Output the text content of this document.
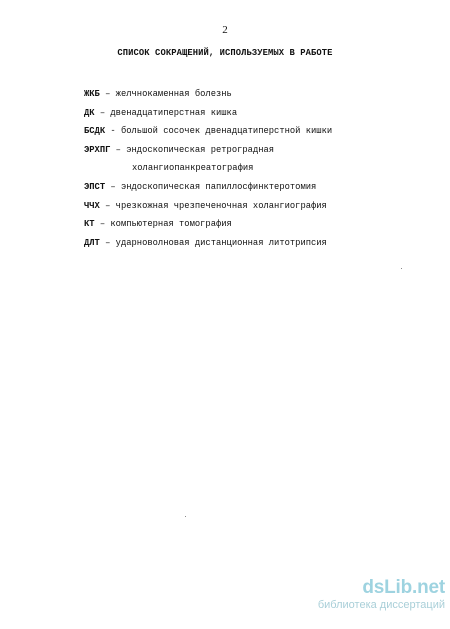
2
СПИСОК СОКРАЩЕНИЙ, ИСПОЛЬЗУЕМЫХ В РАБОТЕ
ЖКБ – желчнокаменная болезнь
ДК – двенадцатиперстная кишка
БСДК - большой сосочек двенадцатиперстной кишки
ЭРХПГ – эндоскопическая ретроградная
холангиопанкреатография
ЭПСТ – эндоскопическая папиллосфинктеротомия
ЧЧХ – чрезкожная чрезпеченочная холангиография
КТ – компьютерная томография
ДЛТ – ударноволновая дистанционная литотрипсия
dsLib.net
библиотека диссертаций
